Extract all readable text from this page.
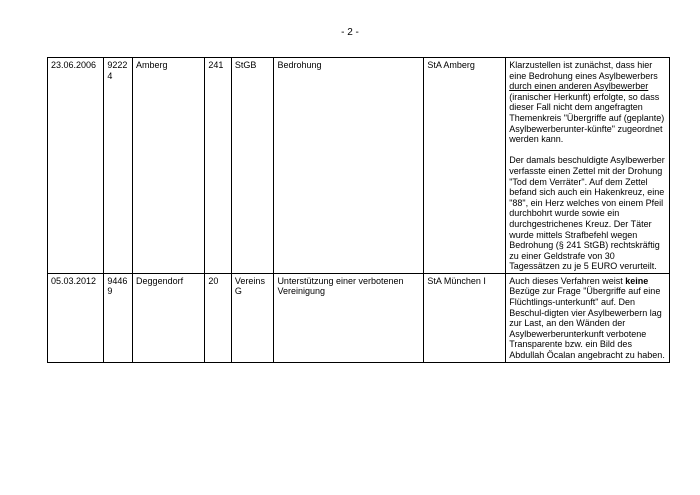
- 2 -
23.06.2006	92224	Amberg	241	StGB	Bedrohung	StA Amberg	Klarzustellen ist zunächst, dass hier eine Bedrohung eines Asylbewerbers durch einen anderen Asylbewerber (iranischer Herkunft) erfolgte, so dass dieser Fall nicht dem angefragten Themenkreis "Übergriffe auf (geplante) Asylbewerberunter-künfte" zugeordnet werden kann.

Der damals beschuldigte Asylbewerber verfasste einen Zettel mit der Drohung "Tod dem Verräter". Auf dem Zettel befand sich auch ein Hakenkreuz, eine "88", ein Herz welches von einem Pfeil durchbohrt wurde sowie ein durchgestrichenes Kreuz. Der Täter wurde mittels Strafbefehl wegen Bedrohung (§ 241 StGB) rechtskräftig zu einer Geldstrafe von 30 Tagessätzen zu je 5 EURO verurteilt.

05.03.2012	94469	Deggendorf	20	VereinsG	Unterstützung einer verbotenen Vereinigung	StA München I	Auch dieses Verfahren weist keine Bezüge zur Frage "Übergriffe auf eine Flüchtlings-unterkunft" auf. Den Beschul-digten vier Asylbewerbern lag zur Last, an den Wänden der Asylbewerberunterkunft verbotene Transparente bzw. ein Bild des Abdullah Öcalan angebracht zu haben.
